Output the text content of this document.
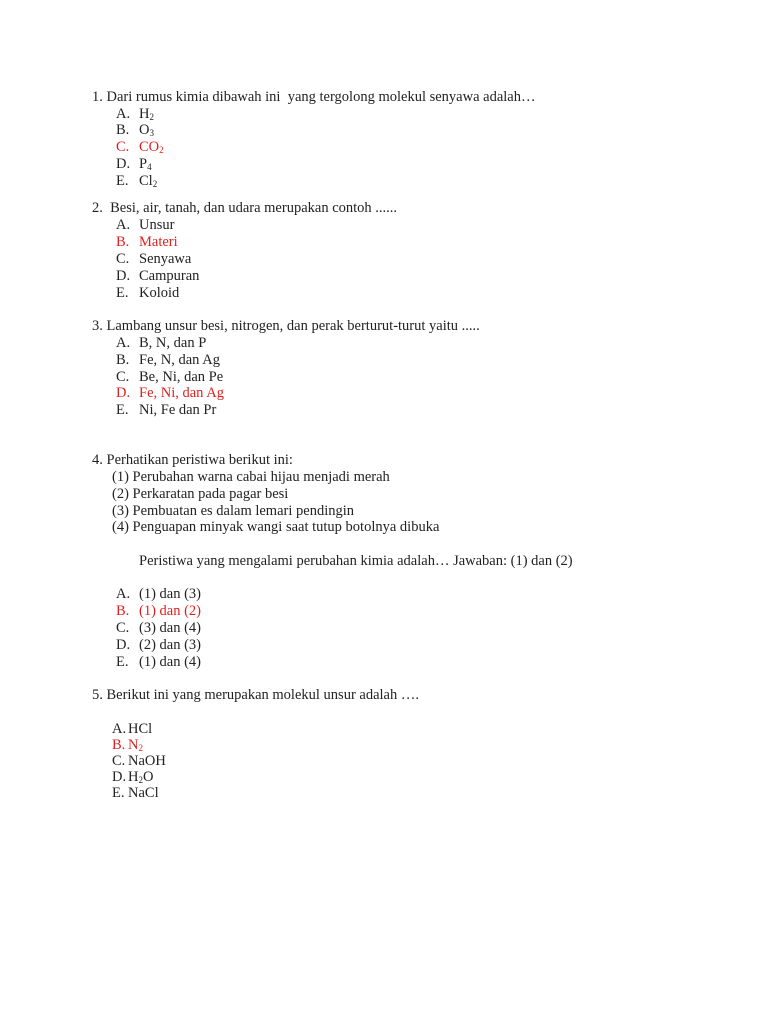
1. Dari rumus kimia dibawah ini  yang tergolong molekul senyawa adalah…
A. $H_2$
B. $O_3$
C. $CO_2$
D. $P_4$
E. $Cl_2$
2.  Besi, air, tanah, dan udara merupakan contoh ......
A. Unsur
B. Materi
C. Senyawa
D. Campuran
E. Koloid
3. Lambang unsur besi, nitrogen, dan perak berturut-turut yaitu .....
A. B, N, dan P
B. Fe, N, dan Ag
C. Be, Ni, dan Pe
D. Fe, Ni, dan Ag
E. Ni, Fe dan Pr
4. Perhatikan peristiwa berikut ini:
(1) Perubahan warna cabai hijau menjadi merah
(2) Perkaratan pada pagar besi
(3) Pembuatan es dalam lemari pendingin
(4) Penguapan minyak wangi saat tutup botolnya dibuka
Peristiwa yang mengalami perubahan kimia adalah… Jawaban: (1) dan (2)
A. (1) dan (3)
B. (1) dan (2)
C. (3) dan (4)
D. (2) dan (3)
E. (1) dan (4)
5. Berikut ini yang merupakan molekul unsur adalah ….
A. HCl
B. $N_2$
C. NaOH
D. $H_2O$
E. NaCl
